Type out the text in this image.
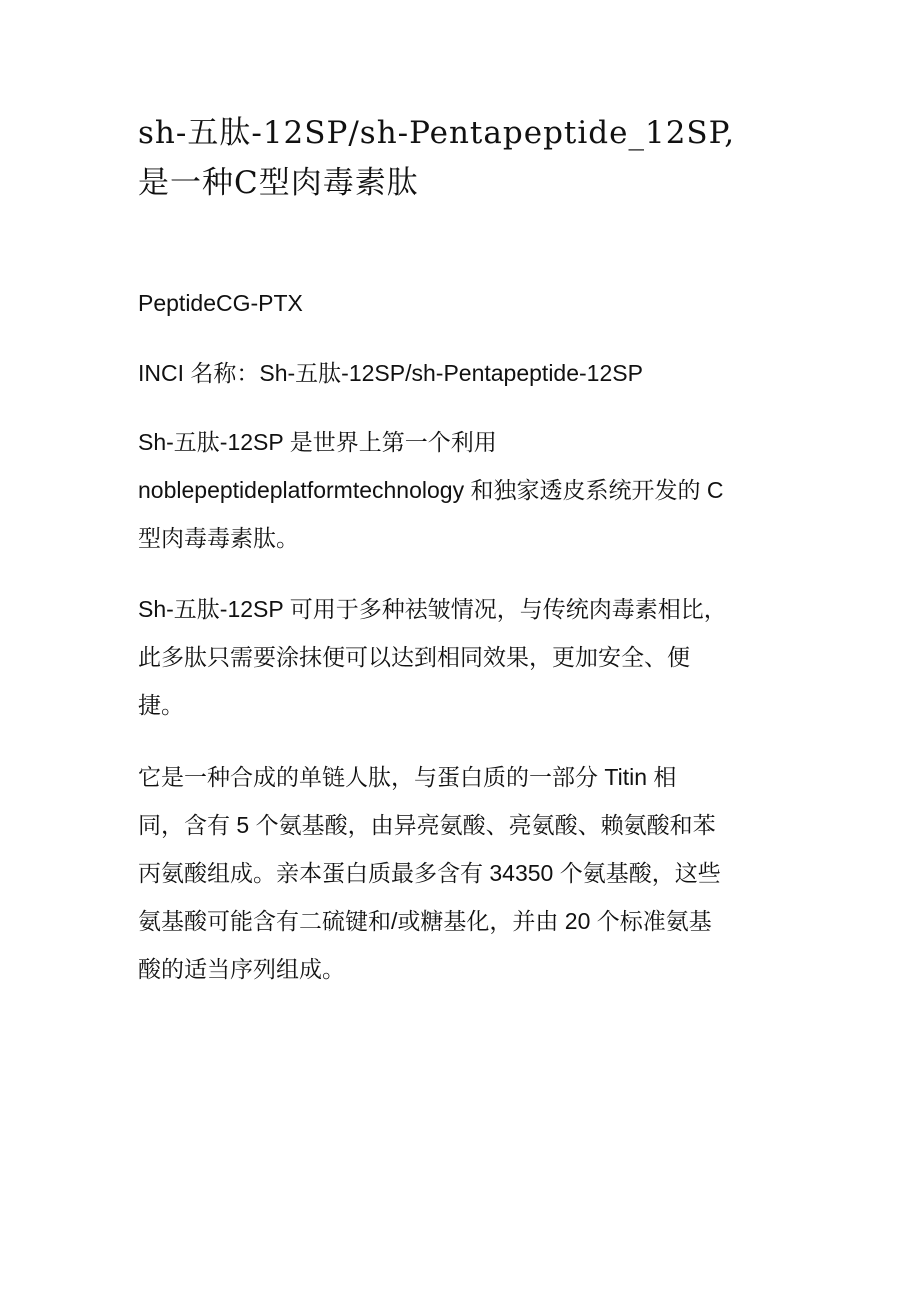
sh-五肽-12SP/sh-Pentapeptide_12SP,
是一种C型肉毒素肽

PeptideCG-PTX

INCI 名称：Sh-五肽-12SP/sh-Pentapeptide-12SP

Sh-五肽-12SP 是世界上第一个利用
noblepeptideplatformtechnology 和独家透皮系统开发的 C
型肉毒毒素肽。

Sh-五肽-12SP 可用于多种祛皱情况，与传统肉毒素相比，
此多肽只需要涂抹便可以达到相同效果，更加安全、便
捷。

它是一种合成的单链人肽，与蛋白质的一部分 Titin 相
同，含有 5 个氨基酸，由异亮氨酸、亮氨酸、赖氨酸和苯
丙氨酸组成。亲本蛋白质最多含有 34350 个氨基酸，这些
氨基酸可能含有二硫键和/或糖基化，并由 20 个标准氨基
酸的适当序列组成。
